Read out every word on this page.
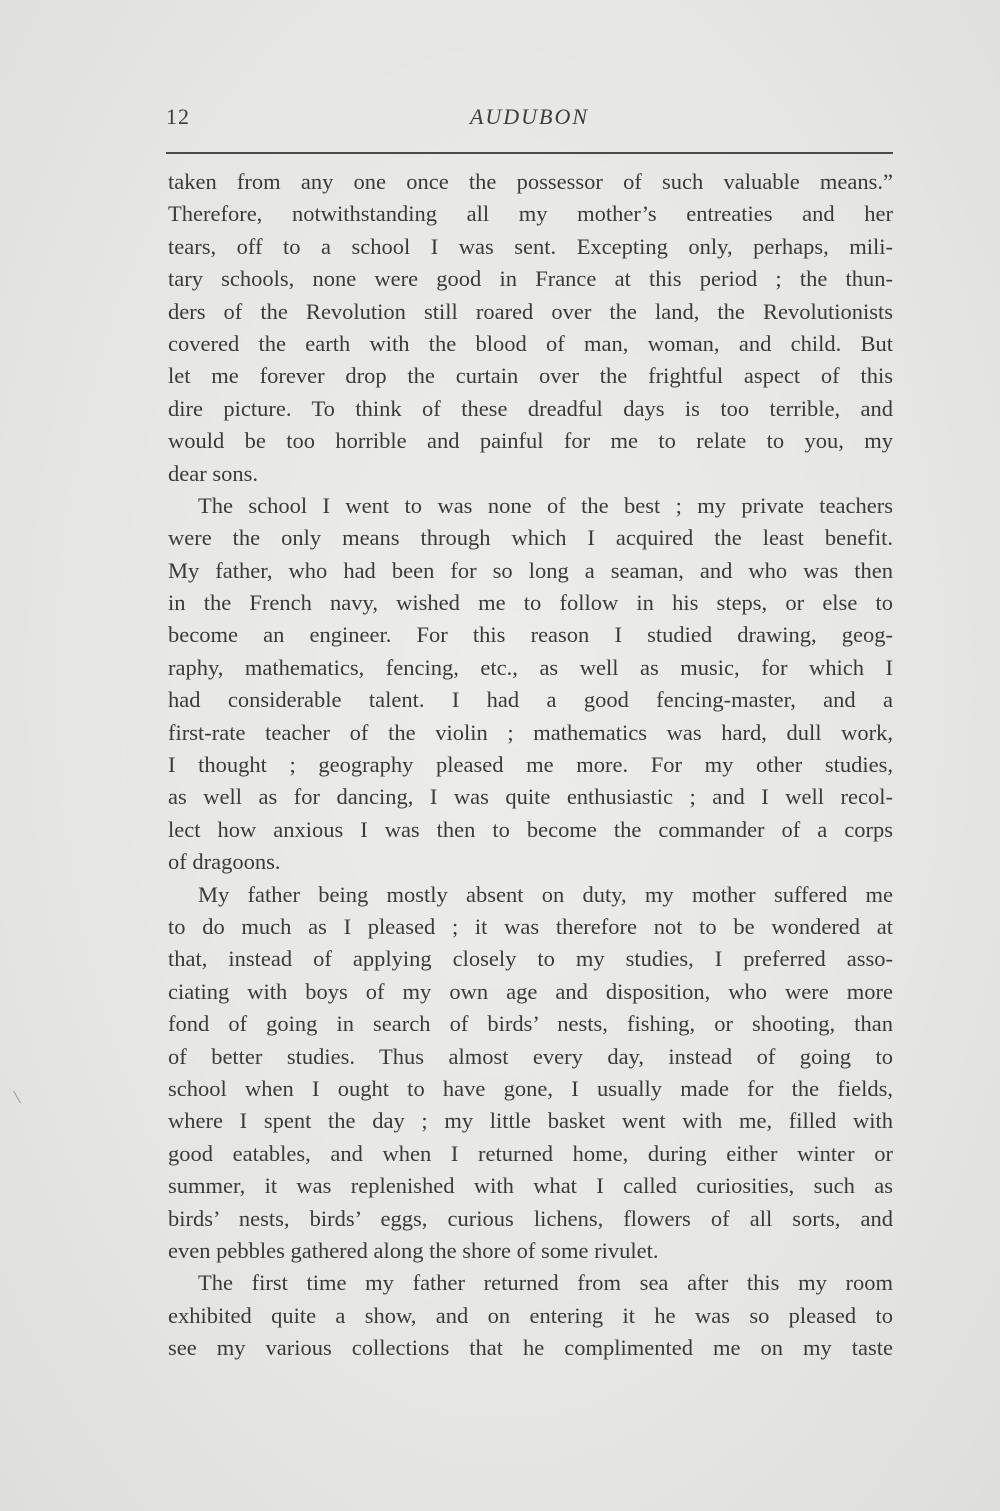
12	AUDUBON
taken from any one once the possessor of such valuable means.”
Therefore, notwithstanding all my mother’s entreaties and her
tears, off to a school I was sent. Excepting only, perhaps, mili-
tary schools, none were good in France at this period ; the thun-
ders of the Revolution still roared over the land, the Revolutionists
covered the earth with the blood of man, woman, and child. But
let me forever drop the curtain over the frightful aspect of this
dire picture. To think of these dreadful days is too terrible, and
would be too horrible and painful for me to relate to you, my
dear sons.
The school I went to was none of the best ; my private teachers
were the only means through which I acquired the least benefit.
My father, who had been for so long a seaman, and who was then
in the French navy, wished me to follow in his steps, or else to
become an engineer. For this reason I studied drawing, geog-
raphy, mathematics, fencing, etc., as well as music, for which I
had considerable talent. I had a good fencing-master, and a
first-rate teacher of the violin ; mathematics was hard, dull work,
I thought ; geography pleased me more. For my other studies,
as well as for dancing, I was quite enthusiastic ; and I well recol-
lect how anxious I was then to become the commander of a corps
of dragoons.
My father being mostly absent on duty, my mother suffered me
to do much as I pleased ; it was therefore not to be wondered at
that, instead of applying closely to my studies, I preferred asso-
ciating with boys of my own age and disposition, who were more
fond of going in search of birds’ nests, fishing, or shooting, than
of better studies. Thus almost every day, instead of going to
school when I ought to have gone, I usually made for the fields,
where I spent the day ; my little basket went with me, filled with
good eatables, and when I returned home, during either winter or
summer, it was replenished with what I called curiosities, such as
birds’ nests, birds’ eggs, curious lichens, flowers of all sorts, and
even pebbles gathered along the shore of some rivulet.
The first time my father returned from sea after this my room
exhibited quite a show, and on entering it he was so pleased to
see my various collections that he complimented me on my taste
